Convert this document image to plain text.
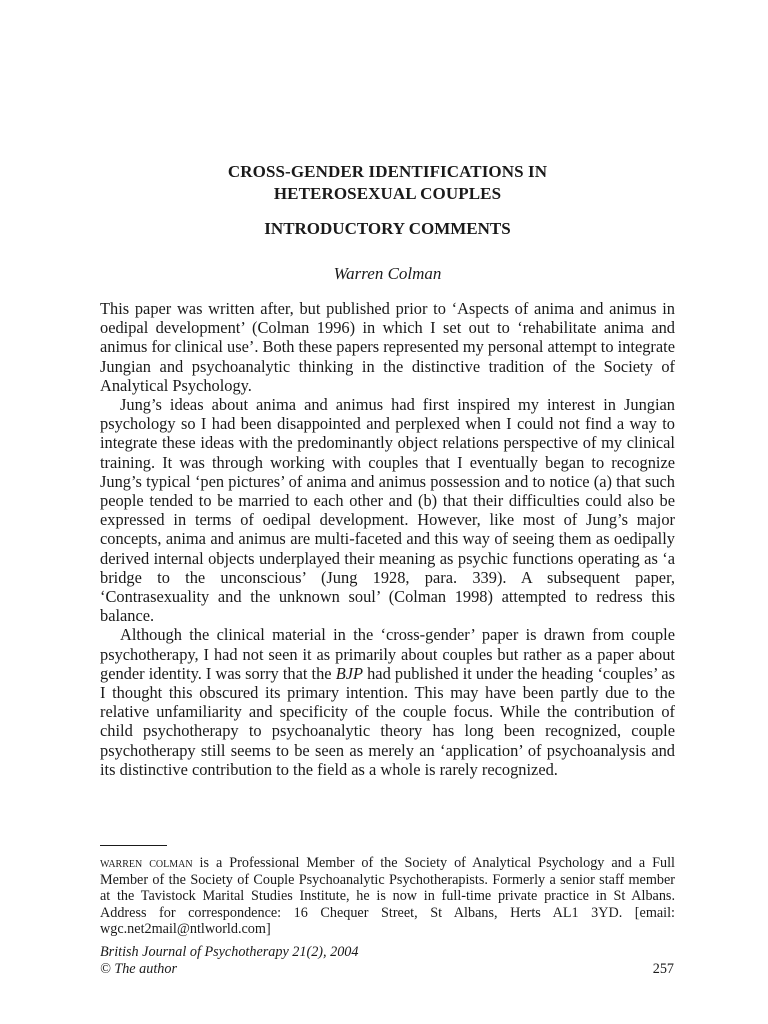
CROSS-GENDER IDENTIFICATIONS IN
HETEROSEXUAL COUPLES
INTRODUCTORY COMMENTS
Warren Colman

This paper was written after, but published prior to ‘Aspects of anima and animus in oedipal development’ (Colman 1996) in which I set out to ‘rehabilitate anima and animus for clinical use’. Both these papers represented my personal attempt to integrate Jungian and psychoanalytic thinking in the distinctive tradition of the Society of Analytical Psychology.

Jung’s ideas about anima and animus had first inspired my interest in Jungian psychology so I had been disappointed and perplexed when I could not find a way to integrate these ideas with the predominantly object relations perspective of my clinical training. It was through working with couples that I eventually began to recognize Jung’s typical ‘pen pictures’ of anima and animus possession and to notice (a) that such people tended to be married to each other and (b) that their difficulties could also be expressed in terms of oedipal development. However, like most of Jung’s major concepts, anima and animus are multi-faceted and this way of seeing them as oedipally derived internal objects underplayed their meaning as psychic functions operating as ‘a bridge to the unconscious’ (Jung 1928, para. 339). A subsequent paper, ‘Contrasexuality and the unknown soul’ (Colman 1998) attempted to redress this balance.

Although the clinical material in the ‘cross-gender’ paper is drawn from couple psychotherapy, I had not seen it as primarily about couples but rather as a paper about gender identity. I was sorry that the BJP had published it under the heading ‘couples’ as I thought this obscured its primary intention. This may have been partly due to the relative unfamiliarity and specificity of the couple focus. While the contribution of child psychotherapy to psychoanalytic theory has long been recognized, couple psychotherapy still seems to be seen as merely an ‘application’ of psychoanalysis and its distinctive contribution to the field as a whole is rarely recognized.

warren colman is a Professional Member of the Society of Analytical Psychology and a Full Member of the Society of Couple Psychoanalytic Psychotherapists. Formerly a senior staff member at the Tavistock Marital Studies Institute, he is now in full-time private practice in St Albans. Address for correspondence: 16 Chequer Street, St Albans, Herts AL1 3YD. [email: wgc.net2mail@ntlworld.com]
British Journal of Psychotherapy 21(2), 2004
© The author	257
